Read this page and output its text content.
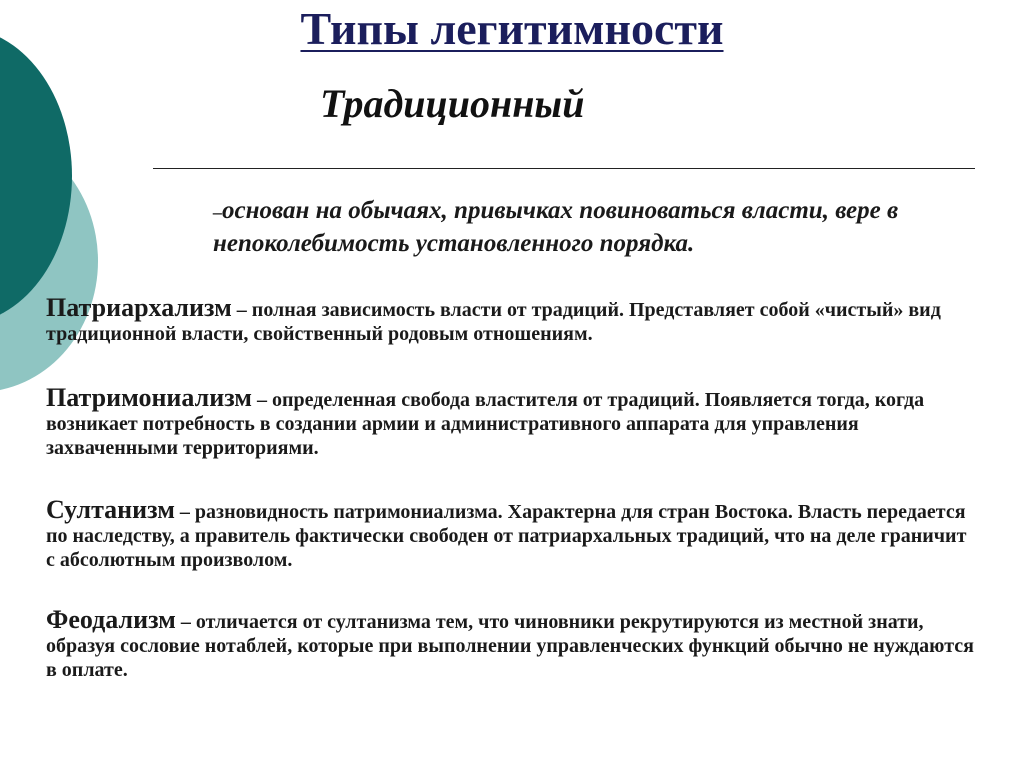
Типы легитимности
Традиционный

–основан на обычаях, привычках повиноваться власти, вере в непоколебимость установленного порядка.

Патриархализм – полная зависимость власти от традиций. Представляет собой «чистый» вид традиционной власти, свойственный родовым отношениям.

Патримониализм – определенная свобода властителя от традиций. Появляется тогда, когда возникает потребность в создании армии и административного аппарата для управления захваченными территориями.

Султанизм – разновидность патримониализма. Характерна для стран Востока. Власть передается по наследству, а правитель фактически свободен от патриархальных традиций, что на деле граничит с абсолютным произволом.

Феодализм – отличается от султанизма тем, что чиновники рекрутируются из местной знати, образуя сословие нотаблей, которые при выполнении управленческих функций обычно не нуждаются в оплате.
